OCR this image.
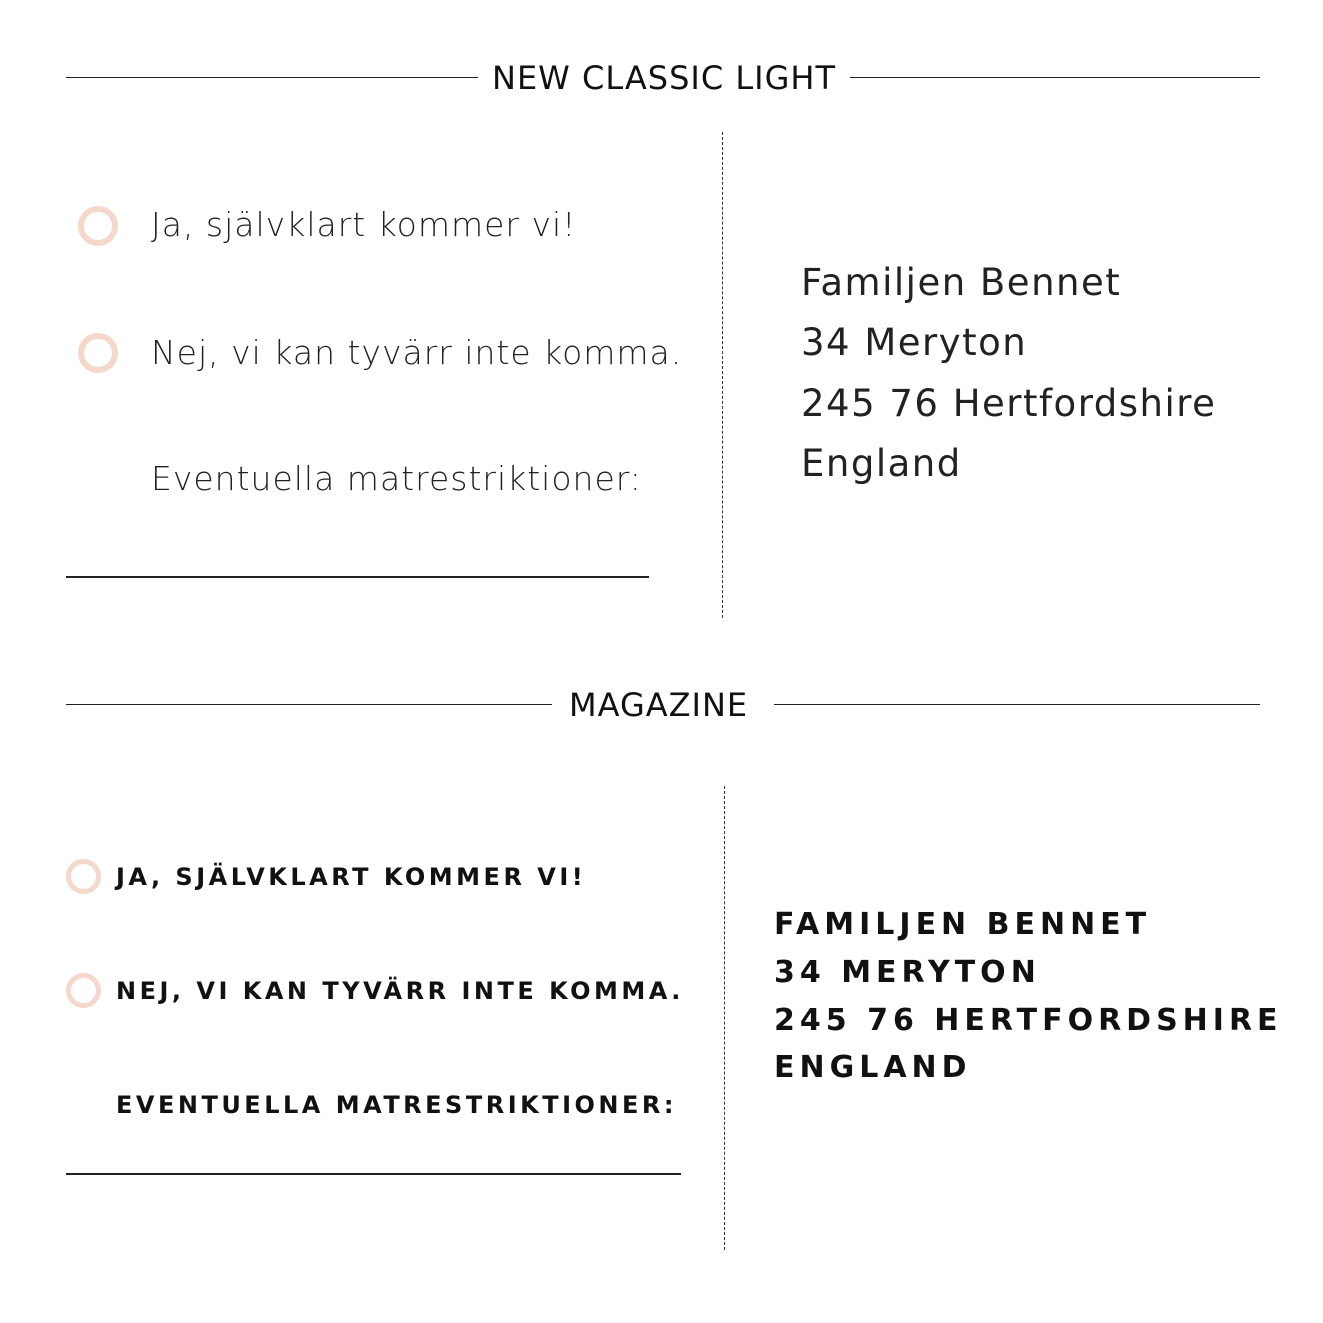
NEW CLASSIC LIGHT
Ja, självklart kommer vi!
Nej, vi kan tyvärr inte komma.
Eventuella matrestriktioner:
Familjen Bennet
34 Meryton
245 76 Hertfordshire
England
MAGAZINE
JA, SJÄLVKLART KOMMER VI!
NEJ, VI KAN TYVÄRR INTE KOMMA.
EVENTUELLA MATRESTRIKTIONER:
FAMILJEN BENNET
34 MERYTON
245 76 HERTFORDSHIRE
ENGLAND
